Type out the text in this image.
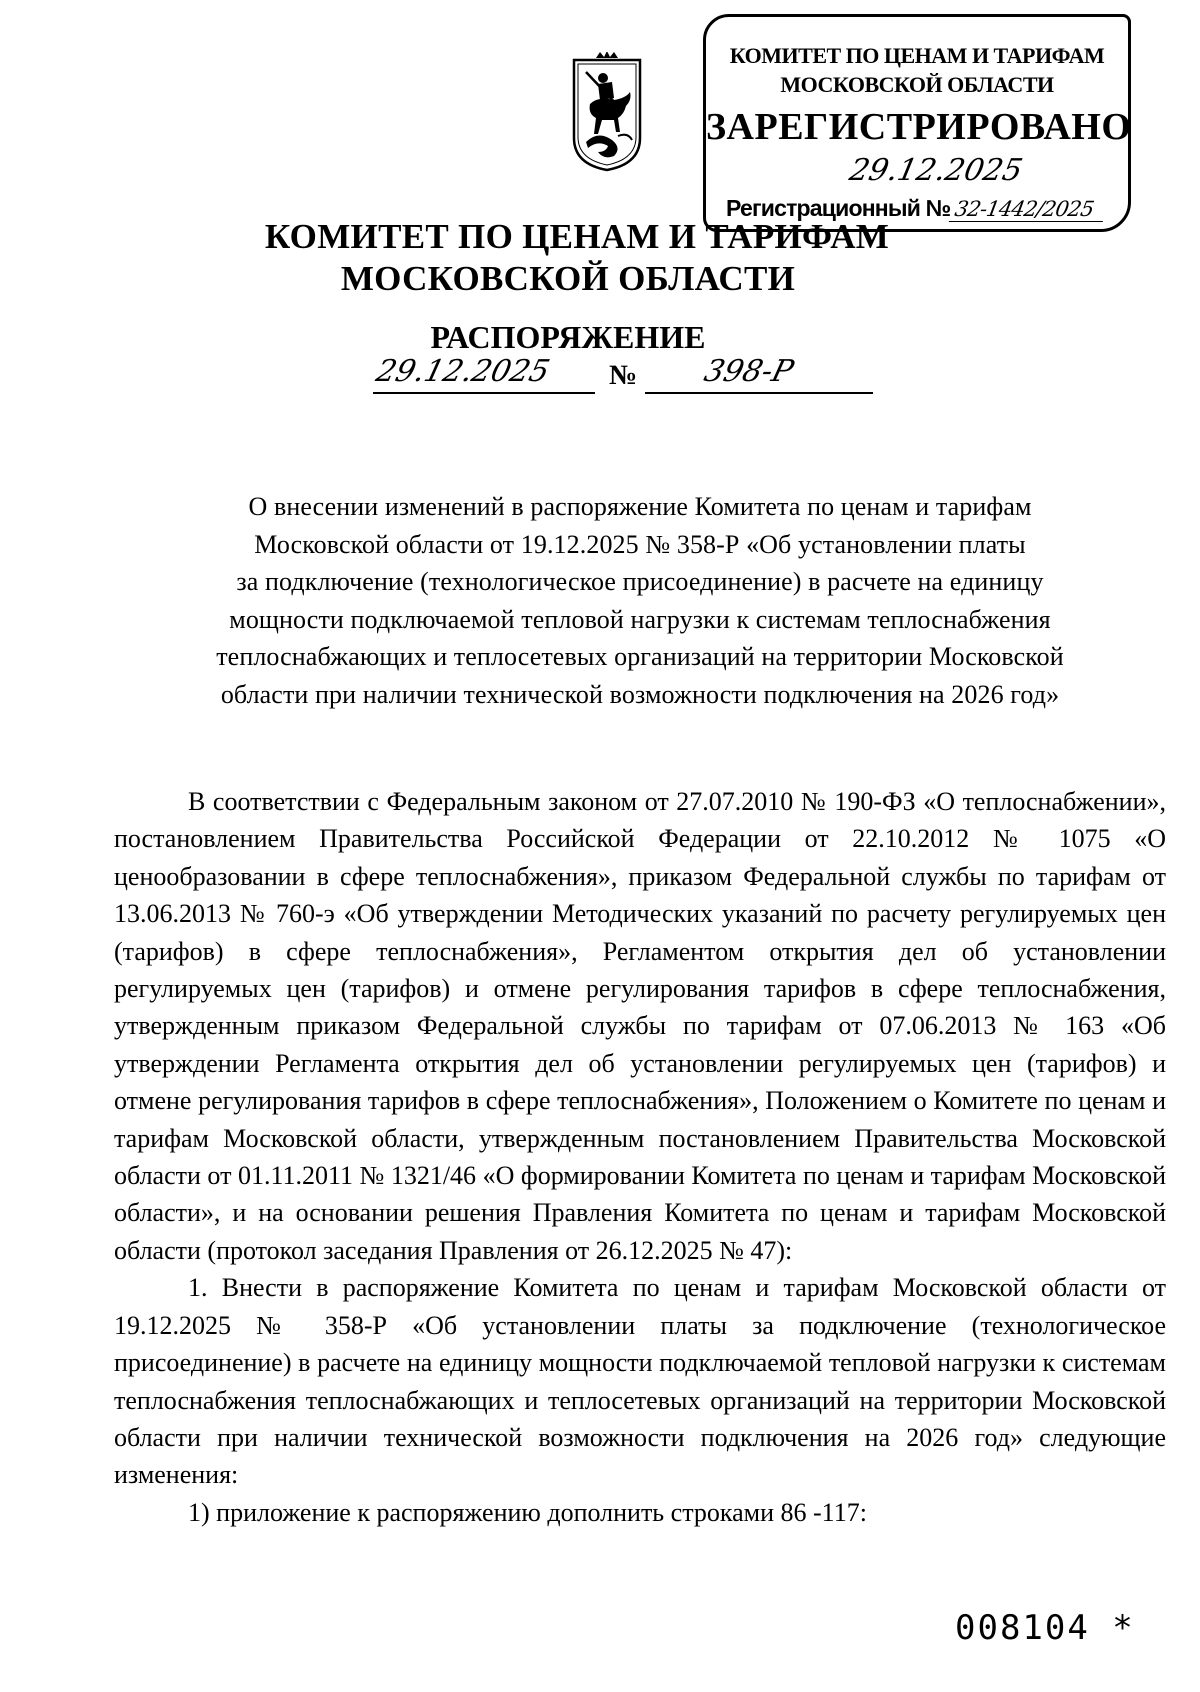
КОМИТЕТ ПО ЦЕНАМ И ТАРИФАМ
МОСКОВСКОЙ ОБЛАСТИ
ЗАРЕГИСТРИРОВАНО
29.12.2025
Регистрационный №32-1442/2025
КОМИТЕТ ПО ЦЕНАМ И ТАРИФАМ
МОСКОВСКОЙ ОБЛАСТИ
РАСПОРЯЖЕНИЕ
29.12.2025 № 398-Р
О внесении изменений в распоряжение Комитета по ценам и тарифам
Московской области от 19.12.2025 № 358-Р «Об установлении платы
за подключение (технологическое присоединение) в расчете на единицу
мощности подключаемой тепловой нагрузки к системам теплоснабжения
теплоснабжающих и теплосетевых организаций на территории Московской
области при наличии технической возможности подключения на 2026 год»

В соответствии с Федеральным законом от 27.07.2010 № 190-ФЗ «О теплоснабжении», постановлением Правительства Российской Федерации от 22.10.2012 № 1075 «О ценообразовании в сфере теплоснабжения», приказом Федеральной службы по тарифам от 13.06.2013 № 760-э «Об утверждении Методических указаний по расчету регулируемых цен (тарифов) в сфере теплоснабжения», Регламентом открытия дел об установлении регулируемых цен (тарифов) и отмене регулирования тарифов в сфере теплоснабжения, утвержденным приказом Федеральной службы по тарифам от 07.06.2013 № 163 «Об утверждении Регламента открытия дел об установлении регулируемых цен (тарифов) и отмене регулирования тарифов в сфере теплоснабжения», Положением о Комитете по ценам и тарифам Московской области, утвержденным постановлением Правительства Московской области от 01.11.2011 № 1321/46 «О формировании Комитета по ценам и тарифам Московской области», и на основании решения Правления Комитета по ценам и тарифам Московской области (протокол заседания Правления от 26.12.2025 № 47):

1. Внести в распоряжение Комитета по ценам и тарифам Московской области от 19.12.2025 № 358-Р «Об установлении платы за подключение (технологическое присоединение) в расчете на единицу мощности подключаемой тепловой нагрузки к системам теплоснабжения теплоснабжающих и теплосетевых организаций на территории Московской области при наличии технической возможности подключения на 2026 год» следующие изменения:

1) приложение к распоряжению дополнить строками 86 -117:

008104 *
